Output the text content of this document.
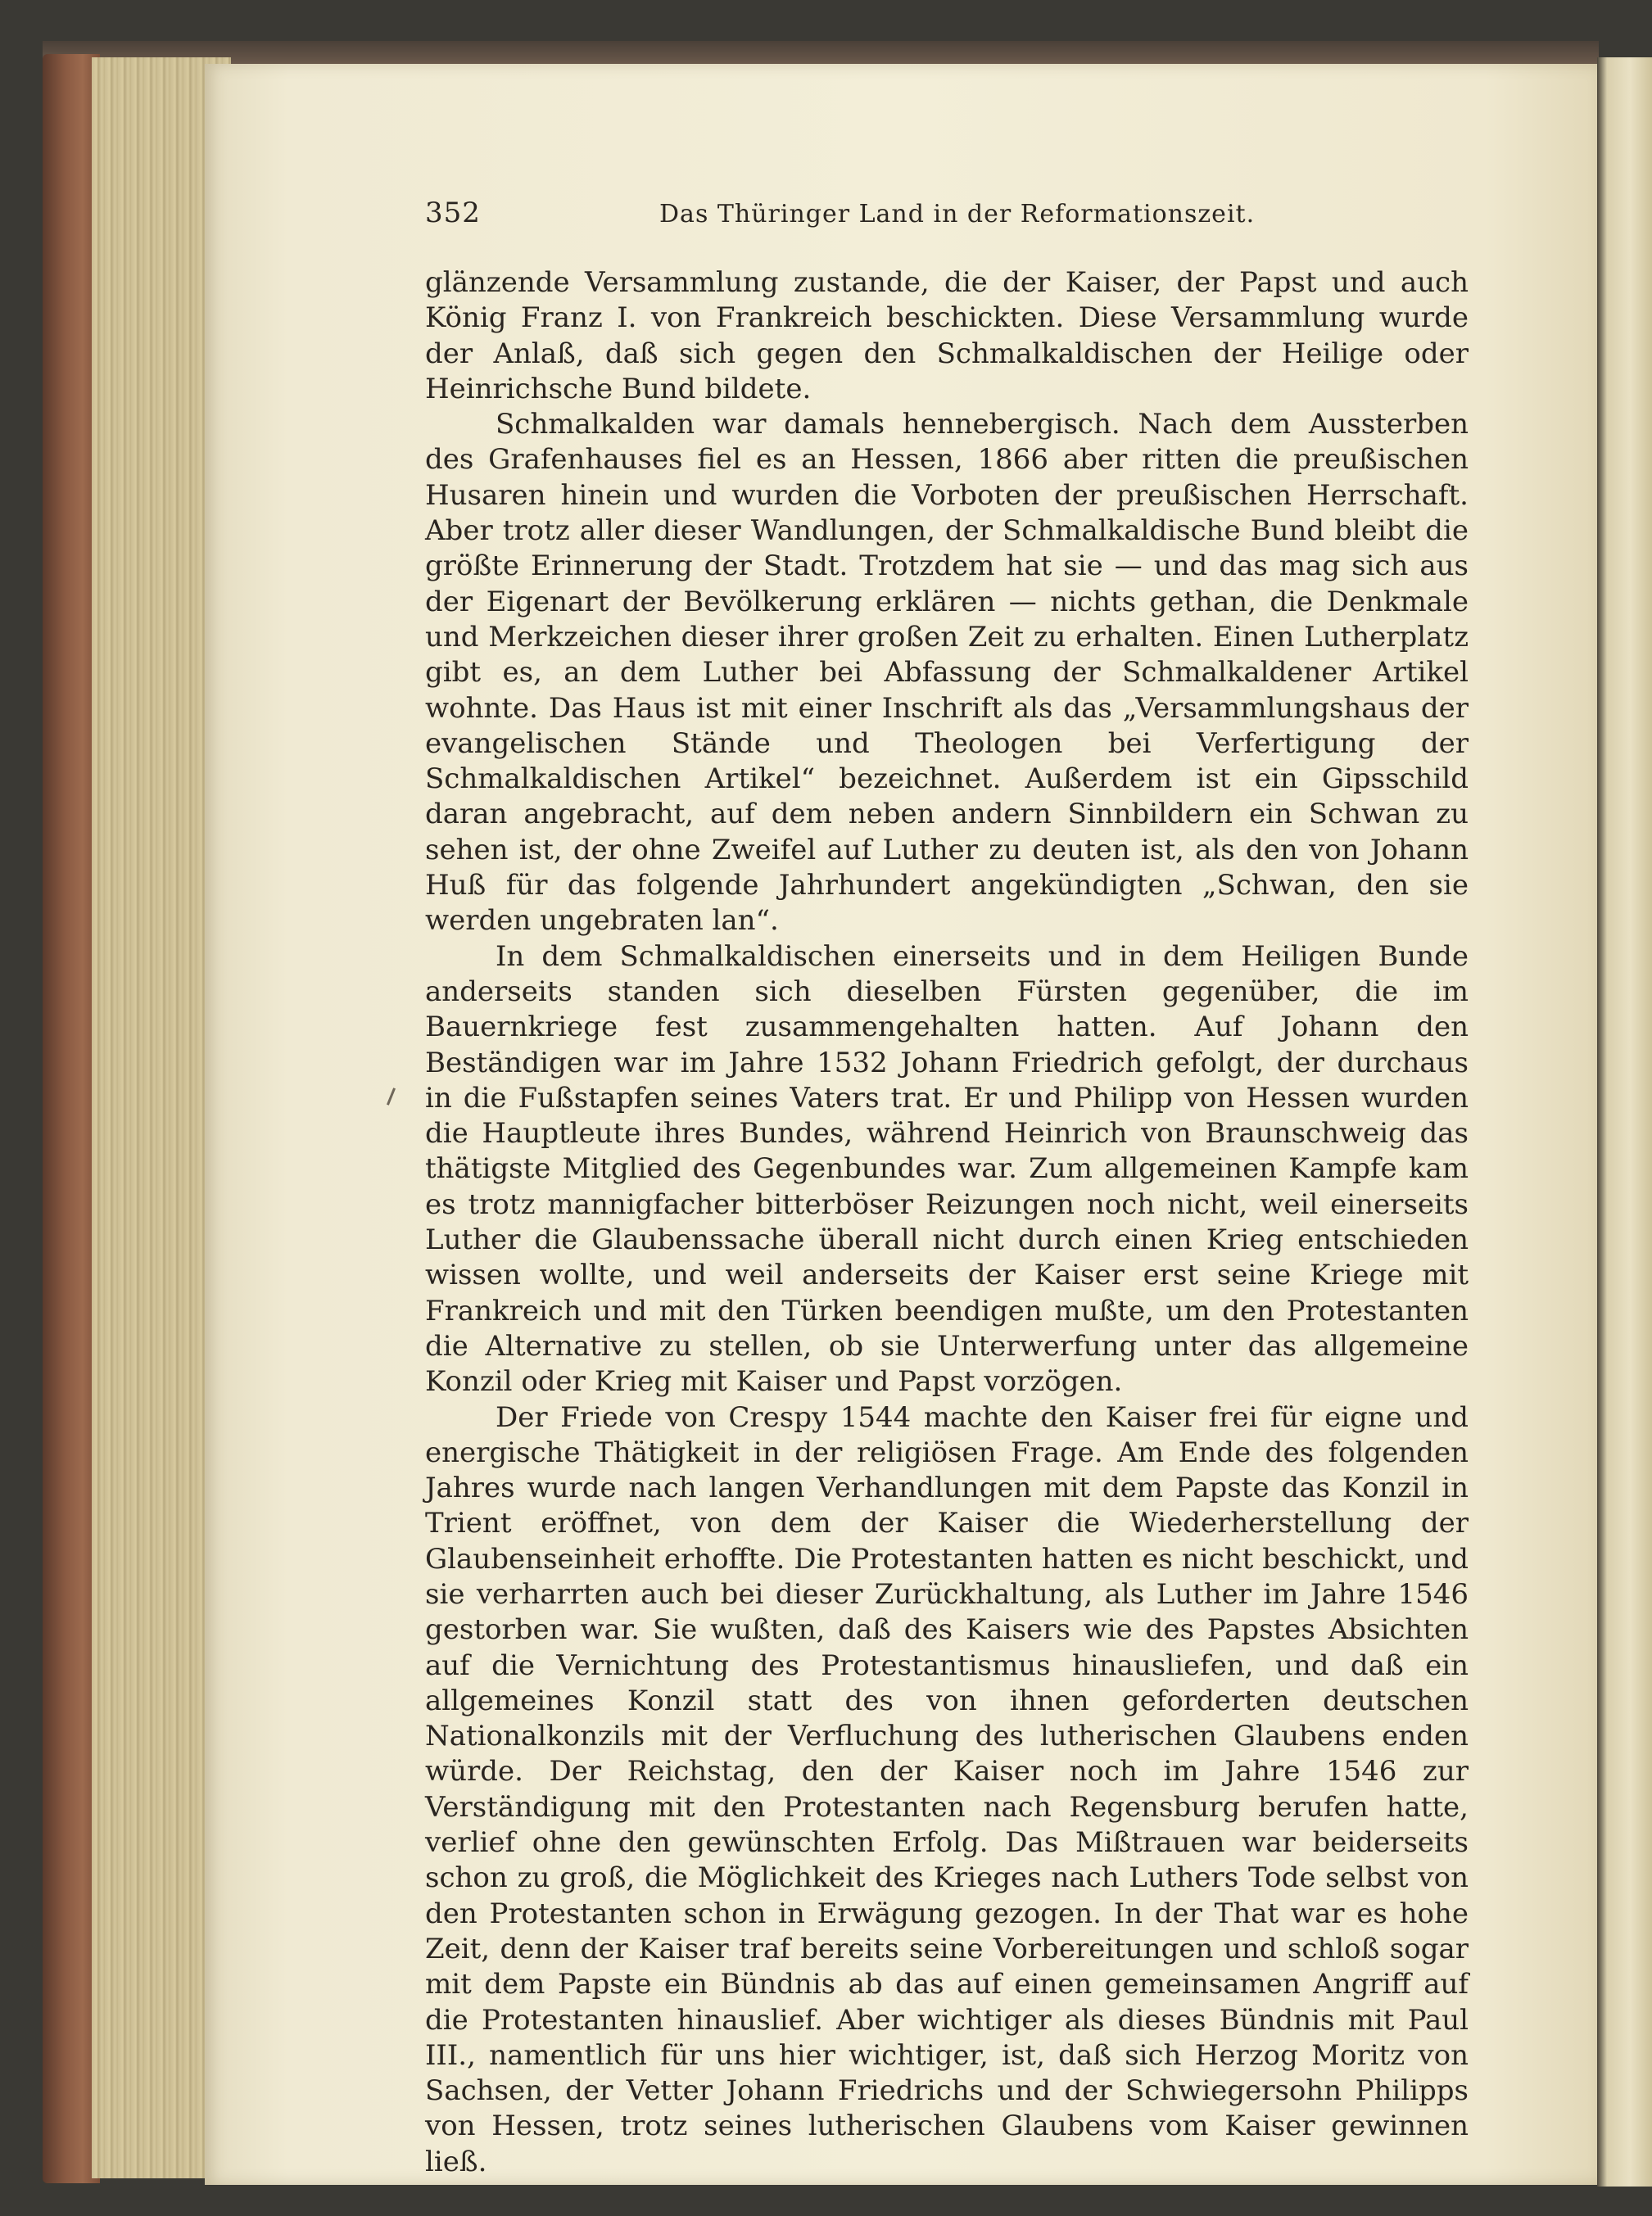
352	Das Thüringer Land in der Reformationszeit.

glänzende Versammlung zustande, die der Kaiser, der Papst und auch König Franz I. von Frankreich beschickten. Diese Versammlung wurde der Anlaß, daß sich gegen den Schmalkaldischen der Heilige oder Heinrichsche Bund bildete.

Schmalkalden war damals hennebergisch. Nach dem Aussterben des Grafenhauses fiel es an Hessen, 1866 aber ritten die preußischen Husaren hinein und wurden die Vorboten der preußischen Herrschaft. Aber trotz aller dieser Wandlungen, der Schmalkaldische Bund bleibt die größte Erinnerung der Stadt. Trotzdem hat sie — und das mag sich aus der Eigenart der Bevölkerung erklären — nichts gethan, die Denkmale und Merkzeichen dieser ihrer großen Zeit zu erhalten. Einen Lutherplatz gibt es, an dem Luther bei Abfassung der Schmalkaldener Artikel wohnte. Das Haus ist mit einer Inschrift als das „Versammlungshaus der evangelischen Stände und Theologen bei Verfertigung der Schmalkaldischen Artikel“ bezeichnet. Außerdem ist ein Gipsschild daran angebracht, auf dem neben andern Sinnbildern ein Schwan zu sehen ist, der ohne Zweifel auf Luther zu deuten ist, als den von Johann Huß für das folgende Jahrhundert angekündigten „Schwan, den sie werden ungebraten lan“.

In dem Schmalkaldischen einerseits und in dem Heiligen Bunde anderseits standen sich dieselben Fürsten gegenüber, die im Bauernkriege fest zusammengehalten hatten. Auf Johann den Beständigen war im Jahre 1532 Johann Friedrich gefolgt, der durchaus in die Fußstapfen seines Vaters trat. Er und Philipp von Hessen wurden die Hauptleute ihres Bundes, während Heinrich von Braunschweig das thätigste Mitglied des Gegenbundes war. Zum allgemeinen Kampfe kam es trotz mannigfacher bitterböser Reizungen noch nicht, weil einerseits Luther die Glaubenssache überall nicht durch einen Krieg entschieden wissen wollte, und weil anderseits der Kaiser erst seine Kriege mit Frankreich und mit den Türken beendigen mußte, um den Protestanten die Alternative zu stellen, ob sie Unterwerfung unter das allgemeine Konzil oder Krieg mit Kaiser und Papst vorzögen.

Der Friede von Crespy 1544 machte den Kaiser frei für eigne und energische Thätigkeit in der religiösen Frage. Am Ende des folgenden Jahres wurde nach langen Verhandlungen mit dem Papste das Konzil in Trient eröffnet, von dem der Kaiser die Wiederherstellung der Glaubenseinheit erhoffte. Die Protestanten hatten es nicht beschickt, und sie verharrten auch bei dieser Zurückhaltung, als Luther im Jahre 1546 gestorben war. Sie wußten, daß des Kaisers wie des Papstes Absichten auf die Vernichtung des Protestantismus hinausliefen, und daß ein allgemeines Konzil statt des von ihnen geforderten deutschen Nationalkonzils mit der Verfluchung des lutherischen Glaubens enden würde. Der Reichstag, den der Kaiser noch im Jahre 1546 zur Verständigung mit den Protestanten nach Regensburg berufen hatte, verlief ohne den gewünschten Erfolg. Das Mißtrauen war beiderseits schon zu groß, die Möglichkeit des Krieges nach Luthers Tode selbst von den Protestanten schon in Erwägung gezogen. In der That war es hohe Zeit, denn der Kaiser traf bereits seine Vorbereitungen und schloß sogar mit dem Papste ein Bündnis ab das auf einen gemeinsamen Angriff auf die Protestanten hinauslief. Aber wichtiger als dieses Bündnis mit Paul III., namentlich für uns hier wichtiger, ist, daß sich Herzog Moritz von Sachsen, der Vetter Johann Friedrichs und der Schwiegersohn Philipps von Hessen, trotz seines lutherischen Glaubens vom Kaiser gewinnen ließ.
